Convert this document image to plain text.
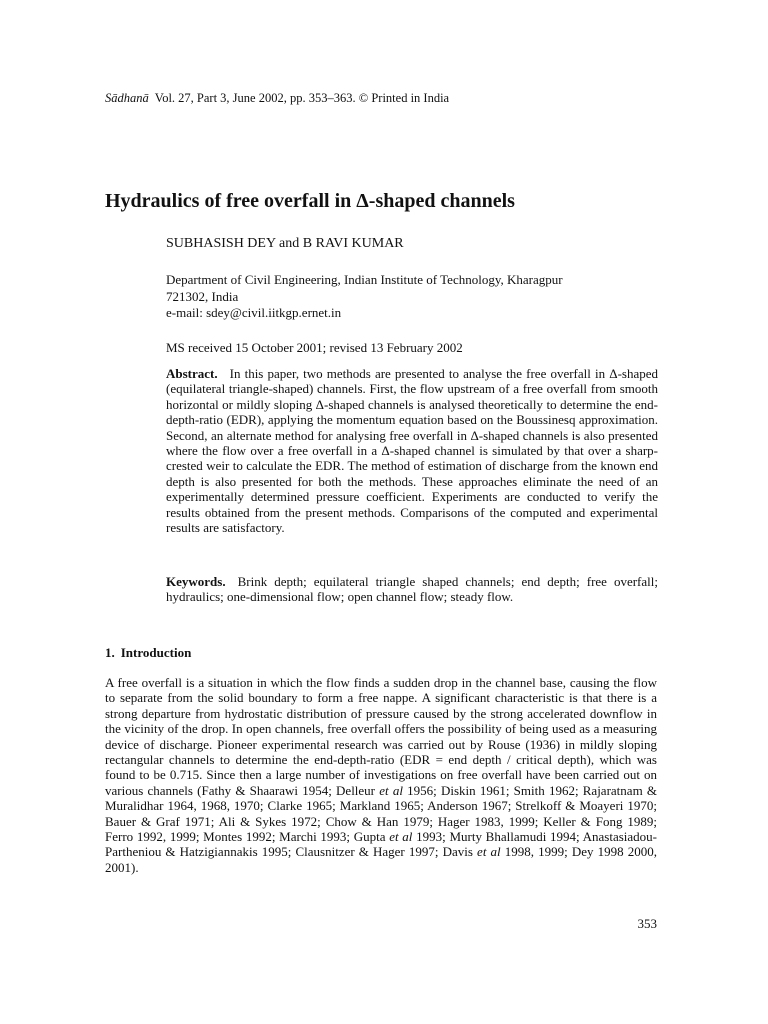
Sādhanā Vol. 27, Part 3, June 2002, pp. 353–363. © Printed in India
Hydraulics of free overfall in Δ-shaped channels
SUBHASISH DEY and B RAVI KUMAR
Department of Civil Engineering, Indian Institute of Technology, Kharagpur
721302, India
e-mail: sdey@civil.iitkgp.ernet.in
MS received 15 October 2001; revised 13 February 2002

Abstract. In this paper, two methods are presented to analyse the free overfall in Δ-shaped (equilateral triangle-shaped) channels. First, the flow upstream of a free overfall from smooth horizontal or mildly sloping Δ-shaped channels is analysed theoretically to determine the end-depth-ratio (EDR), applying the momentum equation based on the Boussinesq approximation. Second, an alternate method for analysing free overfall in Δ-shaped channels is also presented where the flow over a free overfall in a Δ-shaped channel is simulated by that over a sharp-crested weir to calculate the EDR. The method of estimation of discharge from the known end depth is also presented for both the methods. These approaches eliminate the need of an experimentally determined pressure coefficient. Experiments are conducted to verify the results obtained from the present methods. Comparisons of the computed and experimental results are satisfactory.

Keywords. Brink depth; equilateral triangle shaped channels; end depth; free overfall; hydraulics; one-dimensional flow; open channel flow; steady flow.

1. Introduction

A free overfall is a situation in which the flow finds a sudden drop in the channel base, causing the flow to separate from the solid boundary to form a free nappe. A significant characteristic is that there is a strong departure from hydrostatic distribution of pressure caused by the strong accelerated downflow in the vicinity of the drop. In open channels, free overfall offers the possibility of being used as a measuring device of discharge. Pioneer experimental research was carried out by Rouse (1936) in mildly sloping rectangular channels to determine the end-depth-ratio (EDR = end depth / critical depth), which was found to be 0.715. Since then a large number of investigations on free overfall have been carried out on various channels (Fathy & Shaarawi 1954; Delleur et al 1956; Diskin 1961; Smith 1962; Rajaratnam & Muralidhar 1964, 1968, 1970; Clarke 1965; Markland 1965; Anderson 1967; Strelkoff & Moayeri 1970; Bauer & Graf 1971; Ali & Sykes 1972; Chow & Han 1979; Hager 1983, 1999; Keller & Fong 1989; Ferro 1992, 1999; Montes 1992; Marchi 1993; Gupta et al 1993; Murty Bhallamudi 1994; Anastasiadou-Partheniou & Hatzigiannakis 1995; Clausnitzer & Hager 1997; Davis et al 1998, 1999; Dey 1998 2000, 2001).

353
